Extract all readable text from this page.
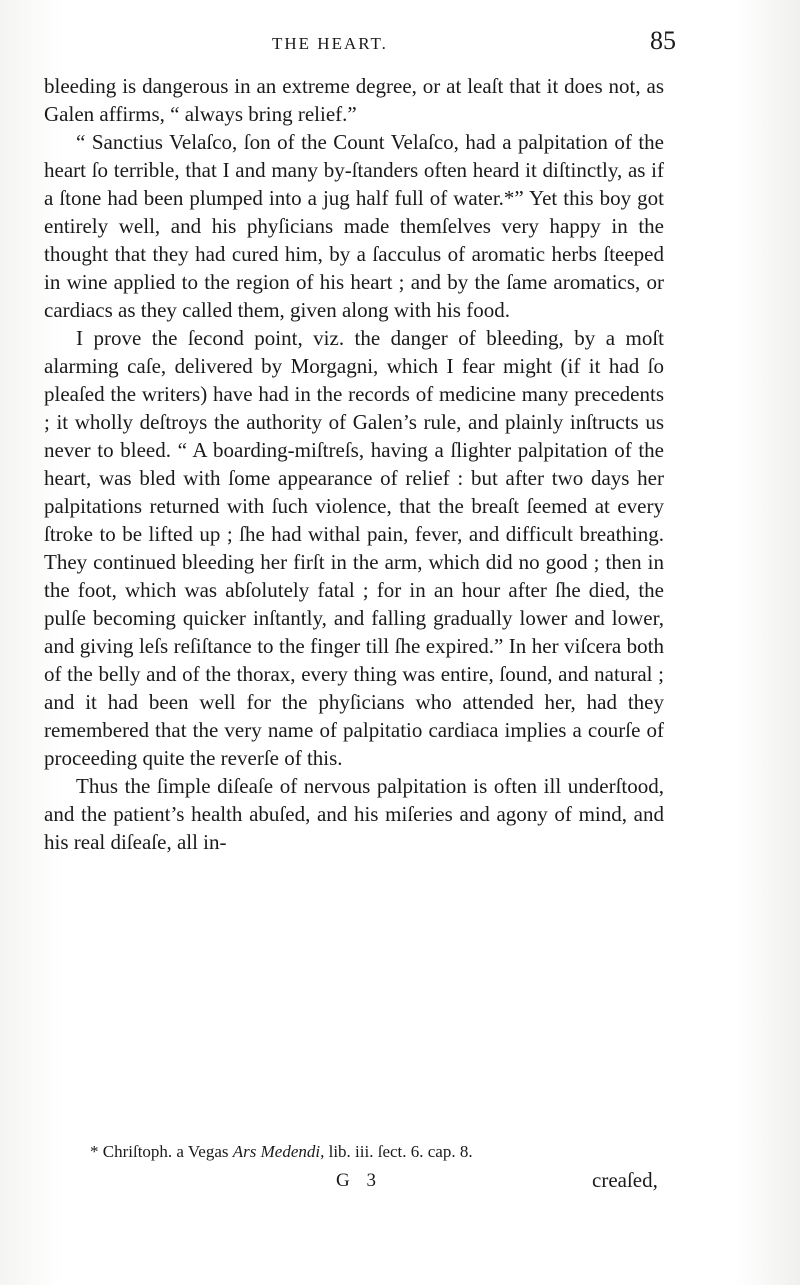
THE HEART.	85

bleeding is dangerous in an extreme degree, or at leaſt that it does not, as Galen affirms, “ always bring relief.”

“ Sanctius Velaſco, ſon of the Count Velaſco, had a palpitation of the heart ſo terrible, that I and many by-ſtanders often heard it diſtinctly, as if a ſtone had been plumped into a jug half full of water.*” Yet this boy got entirely well, and his phyſicians made themſelves very happy in the thought that they had cured him, by a ſacculus of aromatic herbs ſteeped in wine applied to the region of his heart ; and by the ſame aromatics, or cardiacs as they called them, given along with his food.

I prove the ſecond point, viz. the danger of bleeding, by a moſt alarming caſe, delivered by Morgagni, which I fear might (if it had ſo pleaſed the writers) have had in the records of medicine many precedents ; it wholly deſtroys the authority of Galen’s rule, and plainly inſtructs us never to bleed. “ A boarding-miſtreſs, having a ſlighter palpitation of the heart, was bled with ſome appearance of relief : but after two days her palpitations returned with ſuch violence, that the breaſt ſeemed at every ſtroke to be lifted up ; ſhe had withal pain, fever, and difficult breathing. They continued bleeding her firſt in the arm, which did no good ; then in the foot, which was abſolutely fatal ; for in an hour after ſhe died, the pulſe becoming quicker inſtantly, and falling gradually lower and lower, and giving leſs reſiſtance to the finger till ſhe expired.” In her viſcera both of the belly and of the thorax, every thing was entire, ſound, and natural ; and it had been well for the phyſicians who attended her, had they remembered that the very name of palpitatio cardiaca implies a courſe of proceeding quite the reverſe of this.

Thus the ſimple diſeaſe of nervous palpitation is often ill underſtood, and the patient’s health abuſed, and his miſeries and agony of mind, and his real diſeaſe, all in-

* Chriſtoph. a Vegas Ars Medendi, lib. iii. ſect. 6. cap. 8.
G 3	creaſed,
